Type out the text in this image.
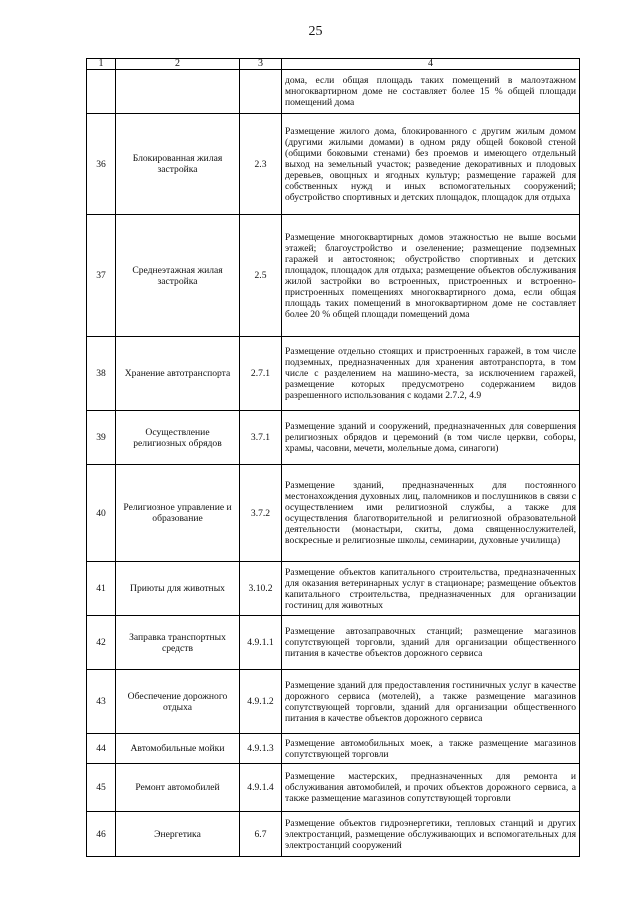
25
1	2	3	4
			дома, если общая площадь таких помещений в малоэтажном многоквартирном доме не составляет более 15 % общей площади помещений дома
36	Блокированная жилая застройка	2.3	Размещение жилого дома, блокированного с другим жилым домом (другими жилыми домами) в одном ряду общей боковой стеной (общими боковыми стенами) без проемов и имеющего отдельный выход на земельный участок; разведение декоративных и плодовых деревьев, овощных и ягодных культур; размещение гаражей для собственных нужд и иных вспомогательных сооружений; обустройство спортивных и детских площадок, площадок для отдыха
37	Среднеэтажная жилая застройка	2.5	Размещение многоквартирных домов этажностью не выше восьми этажей; благоустройство и озеленение; размещение подземных гаражей и автостоянок; обустройство спортивных и детских площадок, площадок для отдыха; размещение объектов обслуживания жилой застройки во встроенных, пристроенных и встроенно-пристроенных помещениях многоквартирного дома, если общая площадь таких помещений в многоквартирном доме не составляет более 20 % общей площади помещений дома
38	Хранение автотранспорта	2.7.1	Размещение отдельно стоящих и пристроенных гаражей, в том числе подземных, предназначенных для хранения автотранспорта, в том числе с разделением на машино-места, за исключением гаражей, размещение которых предусмотрено содержанием видов разрешенного использования с кодами 2.7.2, 4.9
39	Осуществление религиозных обрядов	3.7.1	Размещение зданий и сооружений, предназначенных для совершения религиозных обрядов и церемоний (в том числе церкви, соборы, храмы, часовни, мечети, молельные дома, синагоги)
40	Религиозное управление и образование	3.7.2	Размещение зданий, предназначенных для постоянного местонахождения духовных лиц, паломников и послушников в связи с осуществлением ими религиозной службы, а также для осуществления благотворительной и религиозной образовательной деятельности (монастыри, скиты, дома священнослужителей, воскресные и религиозные школы, семинарии, духовные училища)
41	Приюты для животных	3.10.2	Размещение объектов капитального строительства, предназначенных для оказания ветеринарных услуг в стационаре; размещение объектов капитального строительства, предназначенных для организации гостиниц для животных
42	Заправка транспортных средств	4.9.1.1	Размещение автозаправочных станций; размещение магазинов сопутствующей торговли, зданий для организации общественного питания в качестве объектов дорожного сервиса
43	Обеспечение дорожного отдыха	4.9.1.2	Размещение зданий для предоставления гостиничных услуг в качестве дорожного сервиса (мотелей), а также размещение магазинов сопутствующей торговли, зданий для организации общественного питания в качестве объектов дорожного сервиса
44	Автомобильные мойки	4.9.1.3	Размещение автомобильных моек, а также размещение магазинов сопутствующей торговли
45	Ремонт автомобилей	4.9.1.4	Размещение мастерских, предназначенных для ремонта и обслуживания автомобилей, и прочих объектов дорожного сервиса, а также размещение магазинов сопутствующей торговли
46	Энергетика	6.7	Размещение объектов гидроэнергетики, тепловых станций и других электростанций, размещение обслуживающих и вспомогательных для электростанций сооружений
